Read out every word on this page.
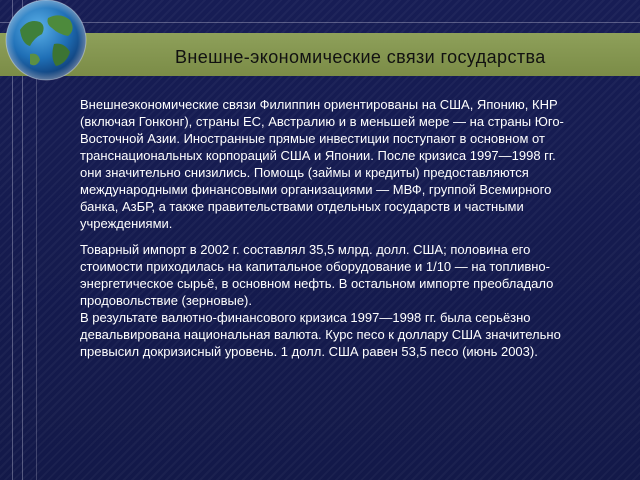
Внешне-экономические связи государства

Внешнеэкономические связи Филиппин ориентированы на США, Японию, КНР (включая Гонконг), страны ЕС, Австралию и в меньшей мере — на страны Юго-Восточной Азии. Иностранные прямые инвестиции поступают в основном от транснациональных корпораций США и Японии. После кризиса 1997—1998 гг. они значительно снизились. Помощь (займы и кредиты) предоставляются международными финансовыми организациями — МВФ, группой Всемирного банка, АзБР, а также правительствами отдельных государств и частными учреждениями.

Товарный импорт в 2002 г. составлял 35,5 млрд. долл. США; половина его стоимости приходилась на капитальное оборудование и 1/10 — на топливно-энергетическое сырьё, в основном нефть. В остальном импорте преобладало продовольствие (зерновые).

В результате валютно-финансового кризиса 1997—1998 гг. была серьёзно девальвирована национальная валюта. Курс песо к доллару США значительно превысил докризисный уровень. 1 долл. США равен 53,5 песо (июнь 2003).
